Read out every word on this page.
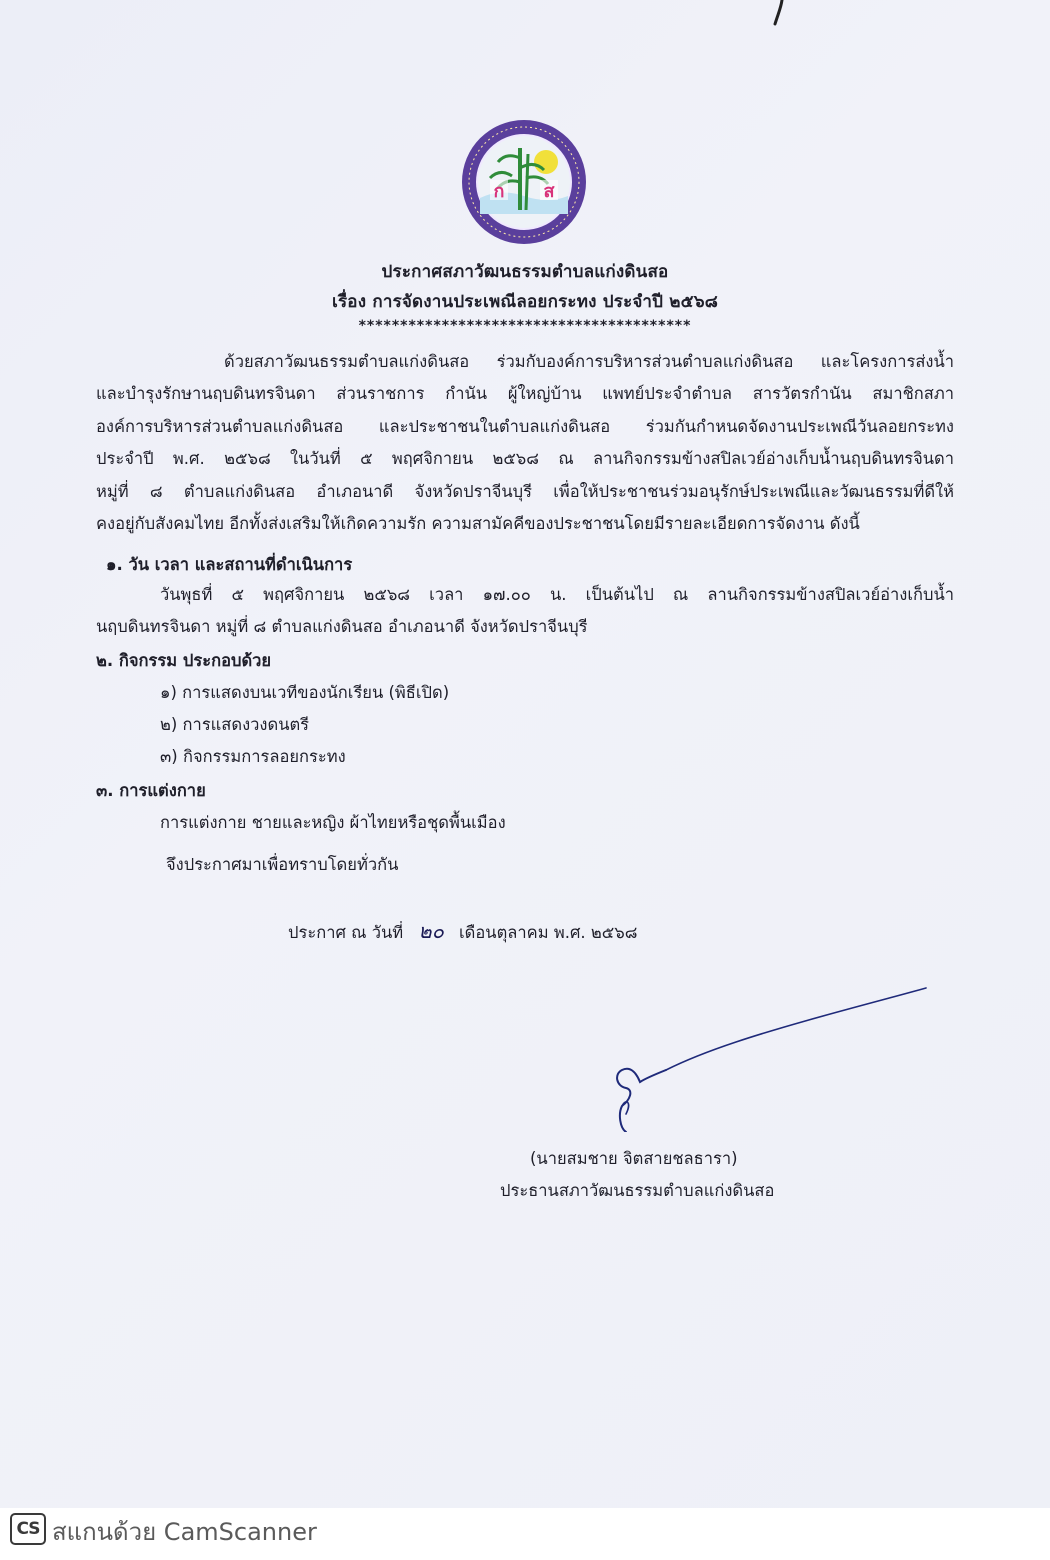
ก ส
ประกาศสภาวัฒนธรรมตำบลแก่งดินสอ
เรื่อง การจัดงานประเพณีลอยกระทง ประจำปี ๒๕๖๘
****************************************

ด้วยสภาวัฒนธรรมตำบลแก่งดินสอ ร่วมกับองค์การบริหารส่วนตำบลแก่งดินสอ และโครงการส่งน้ำ

และบำรุงรักษานฤบดินทรจินดา ส่วนราชการ กำนัน ผู้ใหญ่บ้าน แพทย์ประจำตำบล สารวัตรกำนัน สมาชิกสภา

องค์การบริหารส่วนตำบลแก่งดินสอ และประชาชนในตำบลแก่งดินสอ ร่วมกันกำหนดจัดงานประเพณีวันลอยกระทง

ประจำปี พ.ศ. ๒๕๖๘ ในวันที่ ๕ พฤศจิกายน ๒๕๖๘ ณ ลานกิจกรรมข้างสปิลเวย์อ่างเก็บน้ำนฤบดินทรจินดา

หมู่ที่ ๘ ตำบลแก่งดินสอ อำเภอนาดี จังหวัดปราจีนบุรี เพื่อให้ประชาชนร่วมอนุรักษ์ประเพณีและวัฒนธรรมที่ดีให้

คงอยู่กับสังคมไทย อีกทั้งส่งเสริมให้เกิดความรัก ความสามัคคีของประชาชนโดยมีรายละเอียดการจัดงาน ดังนี้

๑. วัน เวลา และสถานที่ดำเนินการ
วันพุธที่ ๕ พฤศจิกายน ๒๕๖๘ เวลา ๑๗.๐๐ น. เป็นต้นไป ณ ลานกิจกรรมข้างสปิลเวย์อ่างเก็บน้ำ
นฤบดินทรจินดา หมู่ที่ ๘ ตำบลแก่งดินสอ อำเภอนาดี จังหวัดปราจีนบุรี
๒. กิจกรรม ประกอบด้วย
๑) การแสดงบนเวทีของนักเรียน (พิธีเปิด)
๒) การแสดงวงดนตรี
๓) กิจกรรมการลอยกระทง
๓. การแต่งกาย
การแต่งกาย ชายและหญิง ผ้าไทยหรือชุดพื้นเมือง
จึงประกาศมาเพื่อทราบโดยทั่วกัน
ประกาศ ณ วันที่ ๒๐ เดือนตุลาคม พ.ศ. ๒๕๖๘
(นายสมชาย จิตสายชลธารา)
ประธานสภาวัฒนธรรมตำบลแก่งดินสอ
CS สแกนด้วย CamScanner
